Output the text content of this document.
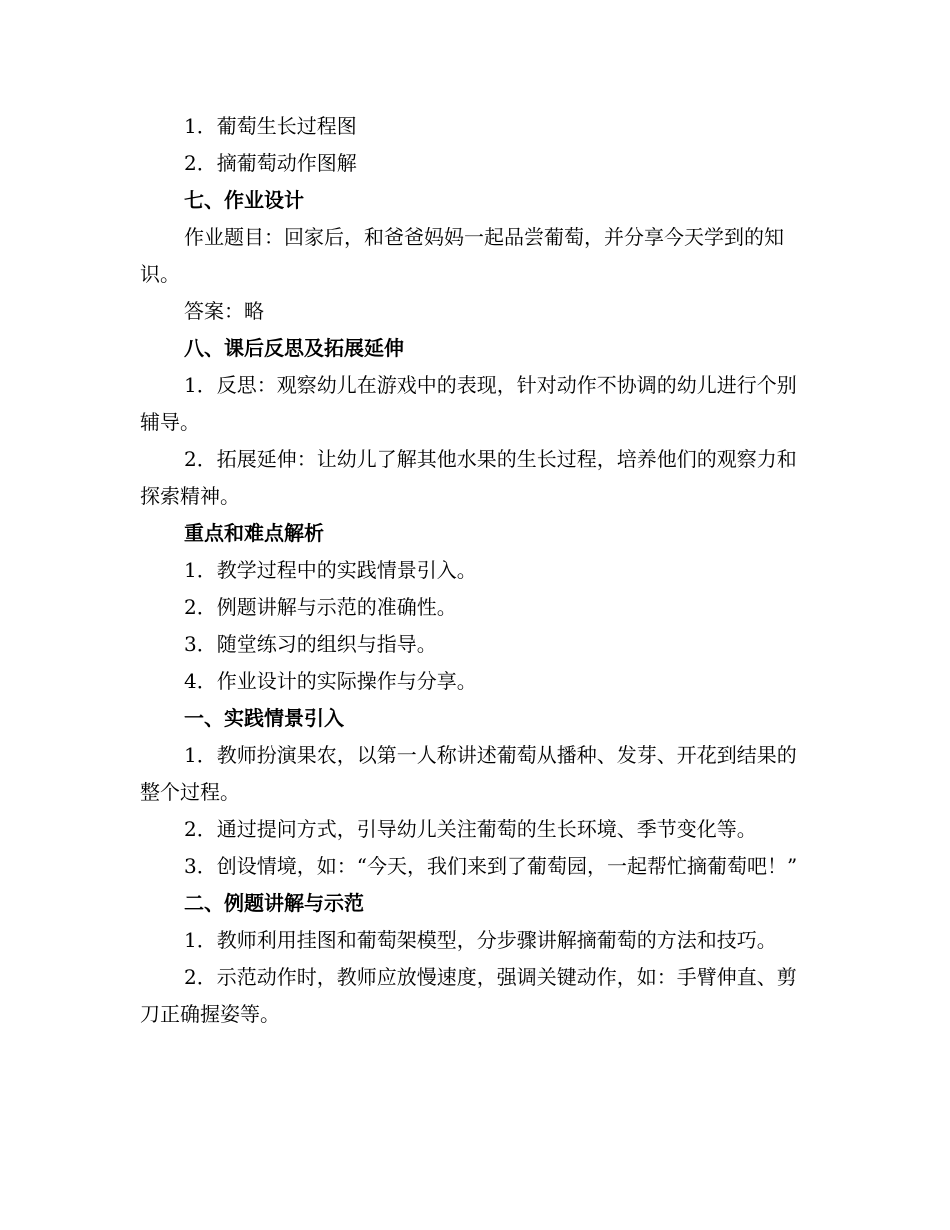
1．葡萄生长过程图

2．摘葡萄动作图解

七、作业设计

作业题目：回家后，和爸爸妈妈一起品尝葡萄，并分享今天学到的知识。

答案：略

八、课后反思及拓展延伸

1．反思：观察幼儿在游戏中的表现，针对动作不协调的幼儿进行个别辅导。

2．拓展延伸：让幼儿了解其他水果的生长过程，培养他们的观察力和探索精神。

重点和难点解析

1．教学过程中的实践情景引入。

2．例题讲解与示范的准确性。

3．随堂练习的组织与指导。

4．作业设计的实际操作与分享。

一、实践情景引入

1．教师扮演果农，以第一人称讲述葡萄从播种、发芽、开花到结果的整个过程。

2．通过提问方式，引导幼儿关注葡萄的生长环境、季节变化等。

3．创设情境，如：“今天，我们来到了葡萄园，一起帮忙摘葡萄吧！”

二、例题讲解与示范

1．教师利用挂图和葡萄架模型，分步骤讲解摘葡萄的方法和技巧。

2．示范动作时，教师应放慢速度，强调关键动作，如：手臂伸直、剪刀正确握姿等。
